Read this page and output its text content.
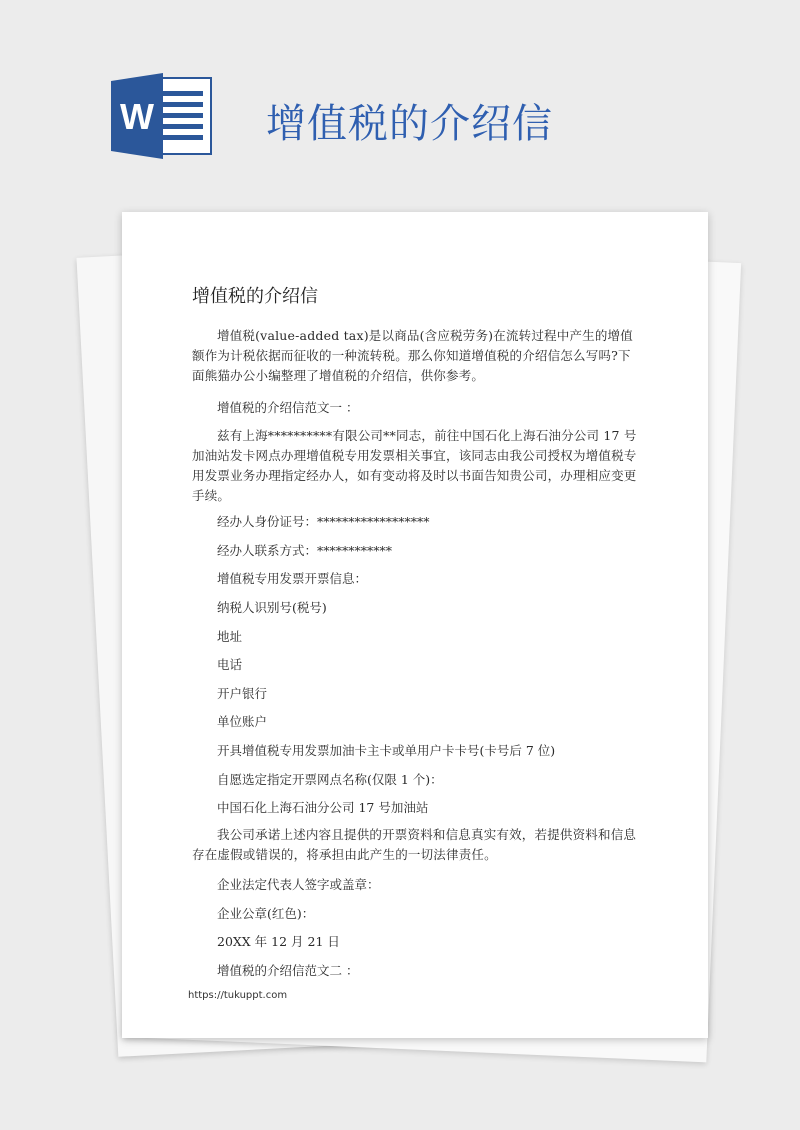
W	增值税的介绍信
增值税的介绍信
增值税(value-added tax)是以商品(含应税劳务)在流转过程中产生的增值额作为计税依据而征收的一种流转税。那么你知道增值税的介绍信怎么写吗?下面熊猫办公小编整理了增值税的介绍信，供你参考。
增值税的介绍信范文一 ：
兹有上海**********有限公司**同志，前往中国石化上海石油分公司 17 号加油站发卡网点办理增值税专用发票相关事宜，该同志由我公司授权为增值税专用发票业务办理指定经办人，如有变动将及时以书面告知贵公司，办理相应变更手续。
经办人身份证号：******************
经办人联系方式：************
增值税专用发票开票信息：
纳税人识别号(税号)
地址
电话
开户银行
单位账户
开具增值税专用发票加油卡主卡或单用户卡卡号(卡号后 7 位)
自愿选定指定开票网点名称(仅限 1 个)：
中国石化上海石油分公司 17 号加油站
我公司承诺上述内容且提供的开票资料和信息真实有效，若提供资料和信息存在虚假或错误的，将承担由此产生的一切法律责任。
企业法定代表人签字或盖章：
企业公章(红色)：
20XX 年 12 月 21 日
增值税的介绍信范文二 ：
https://tukuppt.com
